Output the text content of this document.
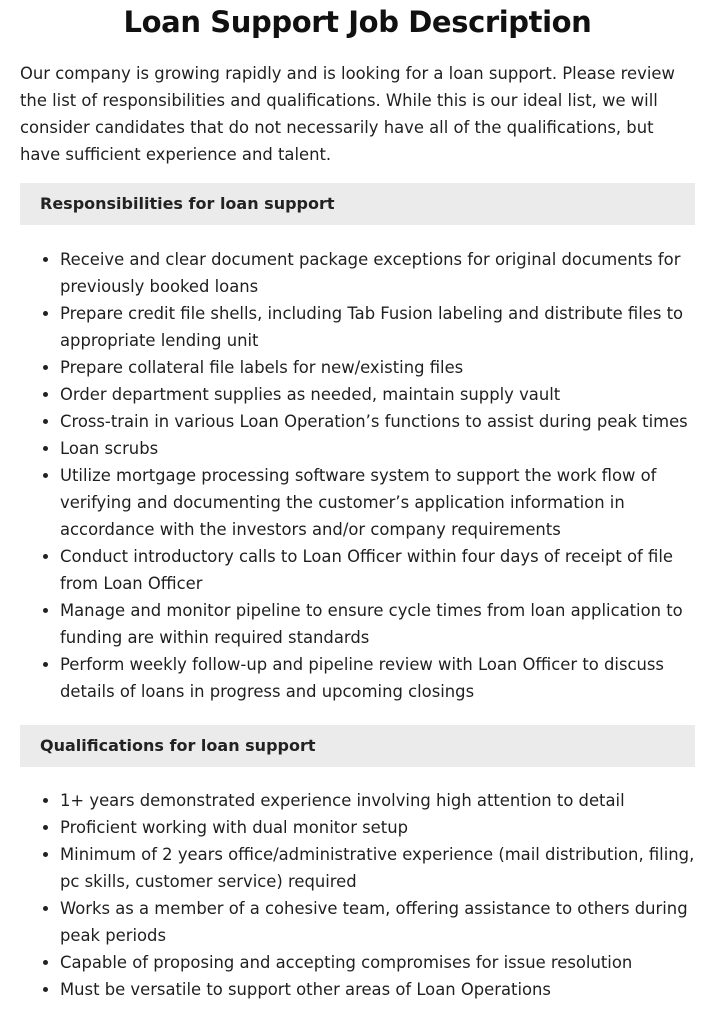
Loan Support Job Description

Our company is growing rapidly and is looking for a loan support. Please review the list of responsibilities and qualifications. While this is our ideal list, we will consider candidates that do not necessarily have all of the qualifications, but have sufficient experience and talent.

Responsibilities for loan support
• Receive and clear document package exceptions for original documents for previously booked loans
• Prepare credit file shells, including Tab Fusion labeling and distribute files to appropriate lending unit
• Prepare collateral file labels for new/existing files
• Order department supplies as needed, maintain supply vault
• Cross-train in various Loan Operation’s functions to assist during peak times
• Loan scrubs
• Utilize mortgage processing software system to support the work flow of verifying and documenting the customer’s application information in accordance with the investors and/or company requirements
• Conduct introductory calls to Loan Officer within four days of receipt of file from Loan Officer
• Manage and monitor pipeline to ensure cycle times from loan application to funding are within required standards
• Perform weekly follow-up and pipeline review with Loan Officer to discuss details of loans in progress and upcoming closings
Qualifications for loan support
• 1+ years demonstrated experience involving high attention to detail
• Proficient working with dual monitor setup
• Minimum of 2 years office/administrative experience (mail distribution, filing, pc skills, customer service) required
• Works as a member of a cohesive team, offering assistance to others during peak periods
• Capable of proposing and accepting compromises for issue resolution
• Must be versatile to support other areas of Loan Operations
